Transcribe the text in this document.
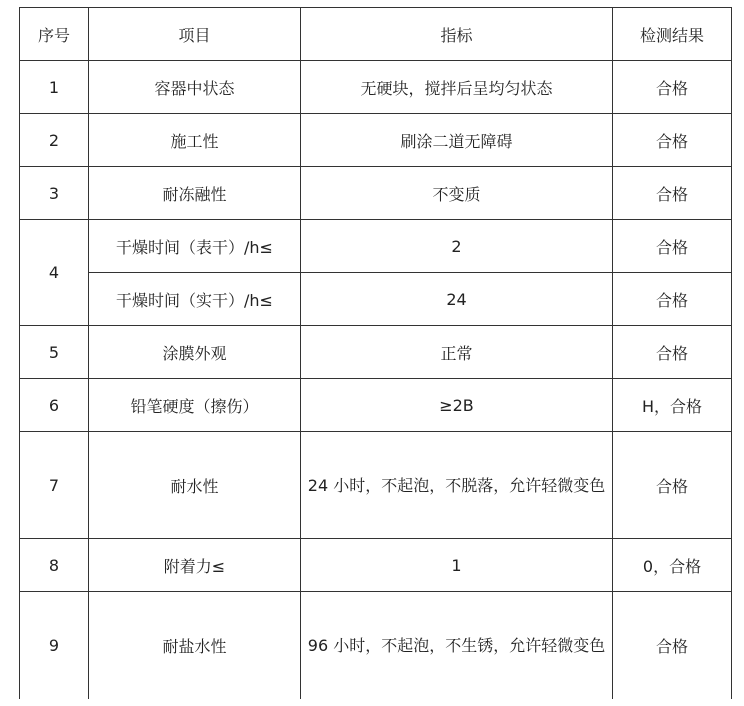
序号	项目	指标	检测结果
1	容器中状态	无硬块，搅拌后呈均匀状态	合格
2	施工性	刷涂二道无障碍	合格
3	耐冻融性	不变质	合格
4	干燥时间（表干）/h≤	2	合格
	干燥时间（实干）/h≤	24	合格
5	涂膜外观	正常	合格
6	铅笔硬度（擦伤）	≥2B	H，合格
7	耐水性	24 小时，不起泡，不脱落，允许轻微变色	合格
8	附着力≤	1	0，合格
9	耐盐水性	96 小时，不起泡，不生锈，允许轻微变色	合格
